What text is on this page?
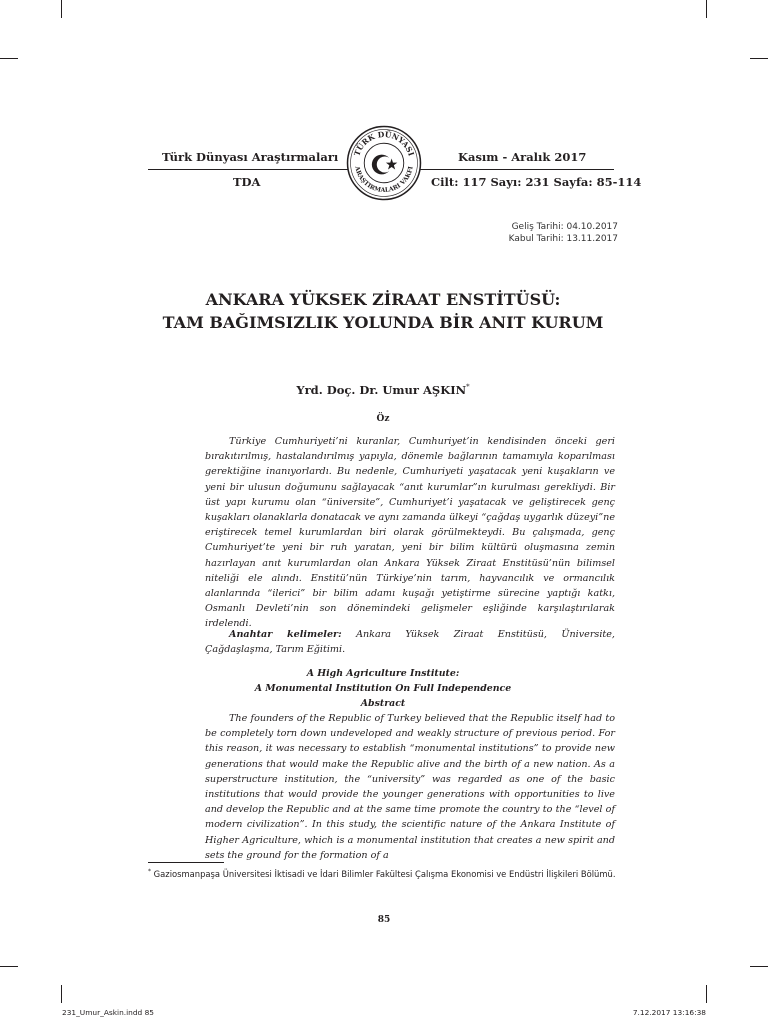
Türk Dünyası Araştırmaları
TDA
Kasım - Aralık 2017
Cilt: 117 Sayı: 231 Sayfa: 85-114
TÜRK DÜNYASI
ARAŞTIRMALARI VAKFI
Geliş Tarihi: 04.10.2017
Kabul Tarihi: 13.11.2017
ANKARA YÜKSEK ZİRAAT ENSTİTÜSÜ:
TAM BAĞIMSIZLIK YOLUNDA BİR ANIT KURUM
Yrd. Doç. Dr. Umur AŞKIN*
Öz
Türkiye Cumhuriyeti’ni kuranlar, Cumhuriyet’in kendisinden önceki geri bırakıtırılmış, hastalandırılmış yapıyla, dönemle bağlarının tamamıyla koparılması gerektiğine inanıyorlardı. Bu nedenle, Cumhuriyeti yaşatacak yeni kuşakların ve yeni bir ulusun doğumunu sağlayacak “anıt kurumlar”ın kurulması gerekliydi. Bir üst yapı kurumu olan “üniversite”, Cumhuriyet’i yaşatacak ve geliştirecek genç kuşakları olanaklarla donatacak ve aynı zamanda ülkeyi “çağdaş uygarlık düzeyi”ne eriştirecek temel kurumlardan biri olarak görülmekteydi. Bu çalışmada, genç Cumhuriyet’te yeni bir ruh yaratan, yeni bir bilim kültürü oluşmasına zemin hazırlayan anıt kurumlardan olan Ankara Yüksek Ziraat Enstitüsü’nün bilimsel niteliği ele alındı. Enstitü’nün Türkiye’nin tarım, hayvancılık ve ormancılık alanlarında “ilerici” bir bilim adamı kuşağı yetiştirme sürecine yaptığı katkı, Osmanlı Devleti’nin son dönemindeki gelişmeler eşliğinde karşılaştırılarak irdelendi.
Anahtar kelimeler: Ankara Yüksek Ziraat Enstitüsü, Üniversite, Çağdaşlaşma, Tarım Eğitimi.
A High Agriculture Institute:
A Monumental Institution On Full Independence
Abstract
The founders of the Republic of Turkey believed that the Republic itself had to be completely torn down undeveloped and weakly structure of previous period. For this reason, it was necessary to establish “monumental institutions” to provide new generations that would make the Republic alive and the birth of a new nation. As a superstructure institution, the “university” was regarded as one of the basic institutions that would provide the younger generations with opportunities to live and develop the Republic and at the same time promote the country to the “level of modern civilization”. In this study, the scientific nature of the Ankara Institute of Higher Agriculture, which is a monumental institution that creates a new spirit and sets the ground for the formation of a
* Gaziosmanpaşa Üniversitesi İktisadi ve İdari Bilimler Fakültesi Çalışma Ekonomisi ve Endüstri İlişkileri Bölümü.
85
231_Umur_Askin.indd 85	7.12.2017 13:16:38
